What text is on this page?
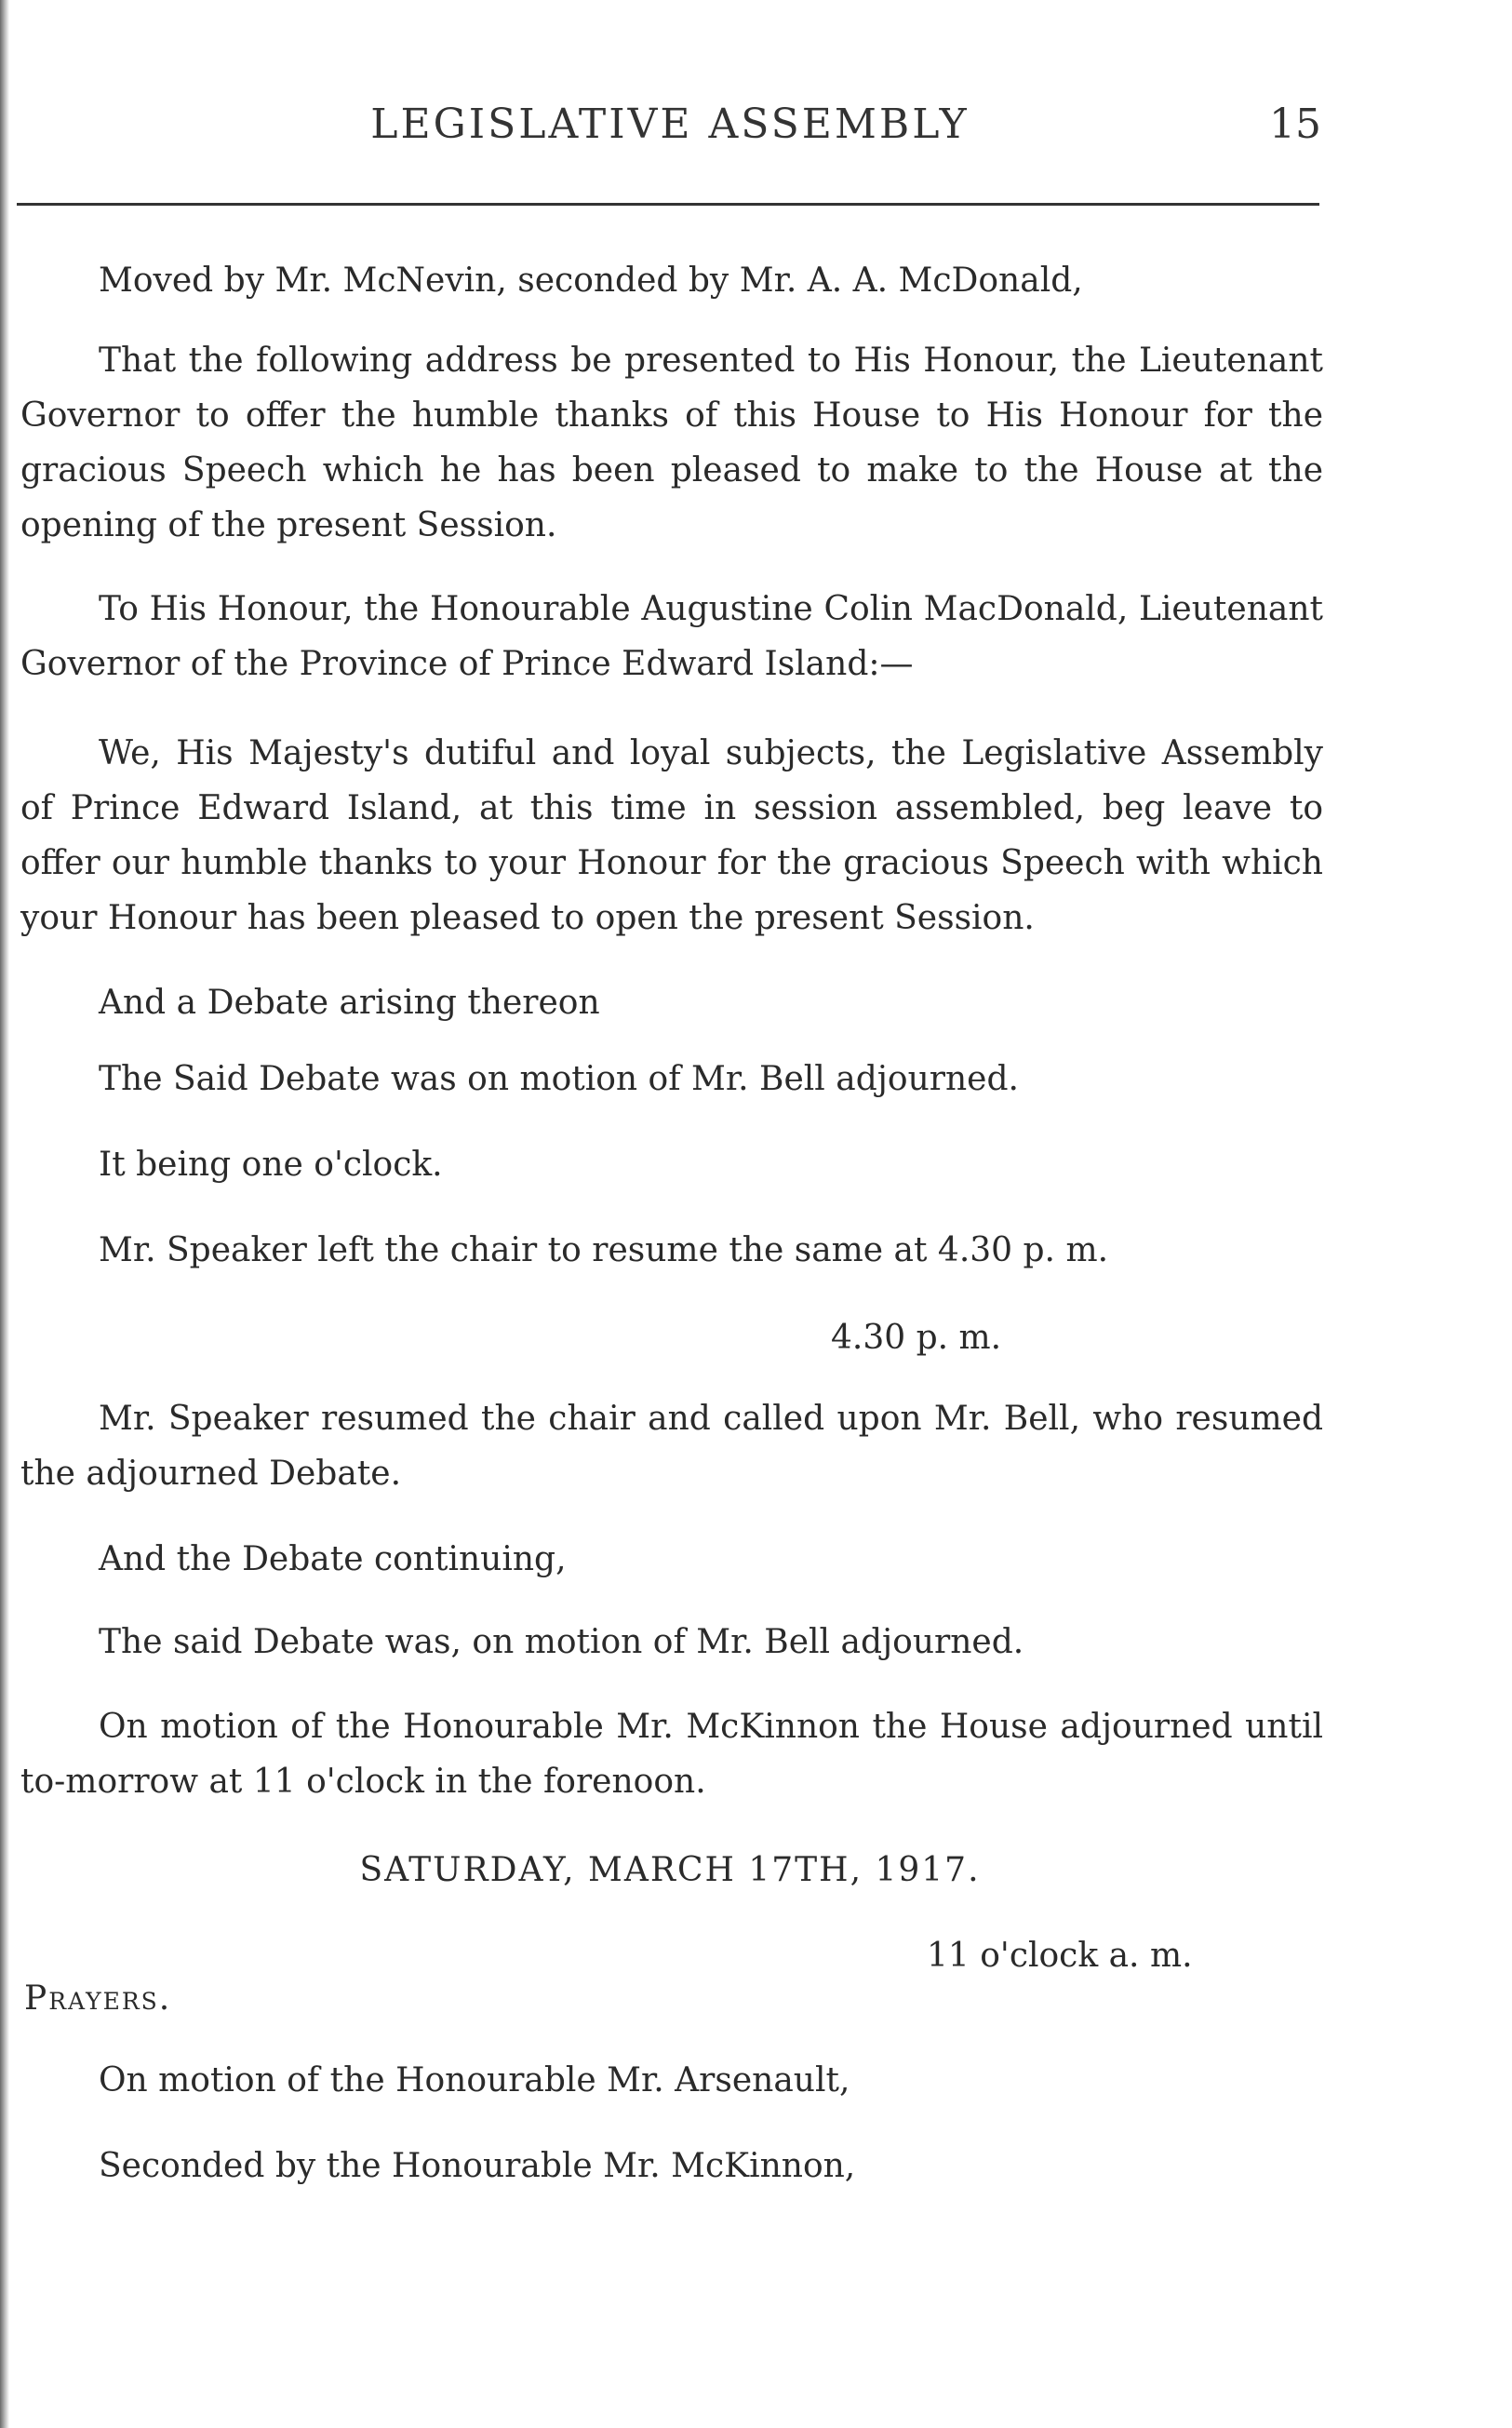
LEGISLATIVE ASSEMBLY	15

Moved by Mr. McNevin, seconded by Mr. A. A. McDonald,

That the following address be presented to His Honour, the Lieutenant Governor to offer the humble thanks of this House to His Honour for the gracious Speech which he has been pleased to make to the House at the opening of the present Session.

To His Honour, the Honourable Augustine Colin MacDonald, Lieutenant Governor of the Province of Prince Edward Island:—

We, His Majesty's dutiful and loyal subjects, the Legislative Assembly of Prince Edward Island, at this time in session assembled, beg leave to offer our humble thanks to your Honour for the gracious Speech with which your Honour has been pleased to open the present Session.

And a Debate arising thereon

The Said Debate was on motion of Mr. Bell adjourned.

It being one o'clock.

Mr. Speaker left the chair to resume the same at 4.30 p. m.

4.30 p. m.

Mr. Speaker resumed the chair and called upon Mr. Bell, who resumed the adjourned Debate.

And the Debate continuing,

The said Debate was, on motion of Mr. Bell adjourned.

On motion of the Honourable Mr. McKinnon the House adjourned until to-morrow at 11 o'clock in the forenoon.

SATURDAY, MARCH 17TH, 1917.
11 o'clock a. m.
Prayers.

On motion of the Honourable Mr. Arsenault,

Seconded by the Honourable Mr. McKinnon,
